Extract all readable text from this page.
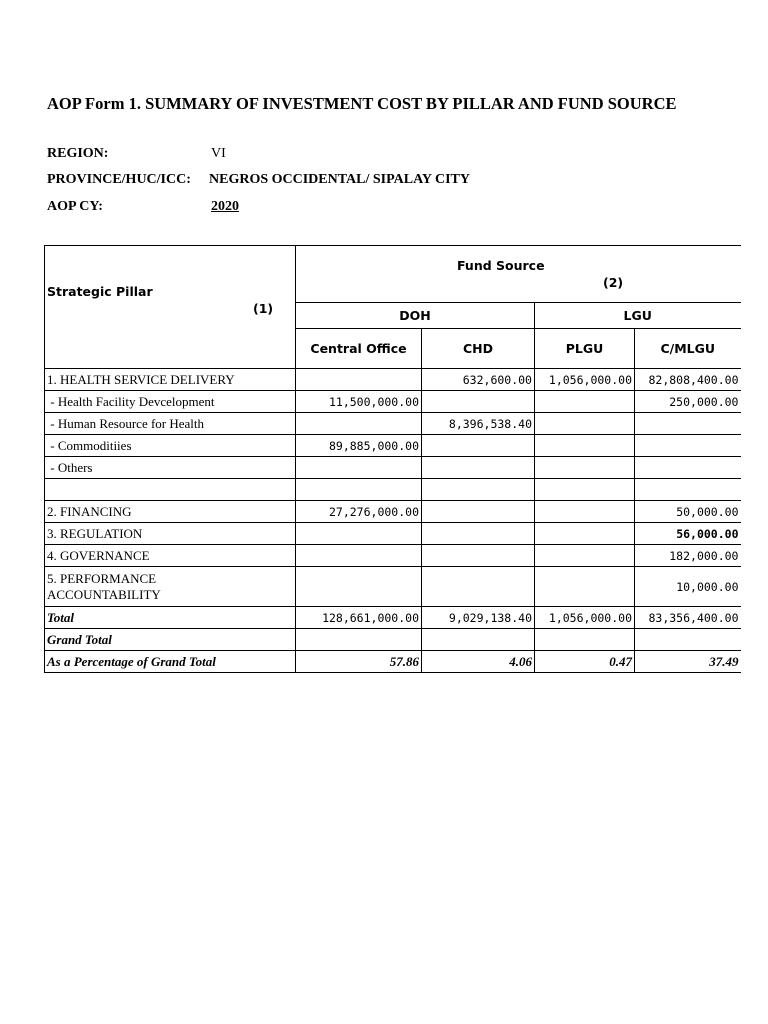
AOP Form 1. SUMMARY OF INVESTMENT COST BY PILLAR AND FUND SOURCE
REGION:	VI
PROVINCE/HUC/ICC: NEGROS OCCIDENTAL/ SIPALAY CITY
AOP CY:	2020
Strategic Pillar
(1)	Fund Source
(2)			

	DOH		LGU	
	Central Office	CHD	PLGU	C/MLGU
1. HEALTH SERVICE DELIVERY		632,600.00	1,056,000.00	82,808,400.00
- Health Facility Devcelopment	11,500,000.00			250,000.00
- Human Resource for Health		8,396,538.40		
- Commoditiies	89,885,000.00			
- Others				

2. FINANCING	27,276,000.00			50,000.00
3. REGULATION				56,000.00
4. GOVERNANCE				182,000.00

5. PERFORMANCE
ACCOUNTABILITY				10,000.00
Total	128,661,000.00	9,029,138.40	1,056,000.00	83,356,400.00
Grand Total				
As a Percentage of Grand Total	57.86	4.06	0.47	37.49
